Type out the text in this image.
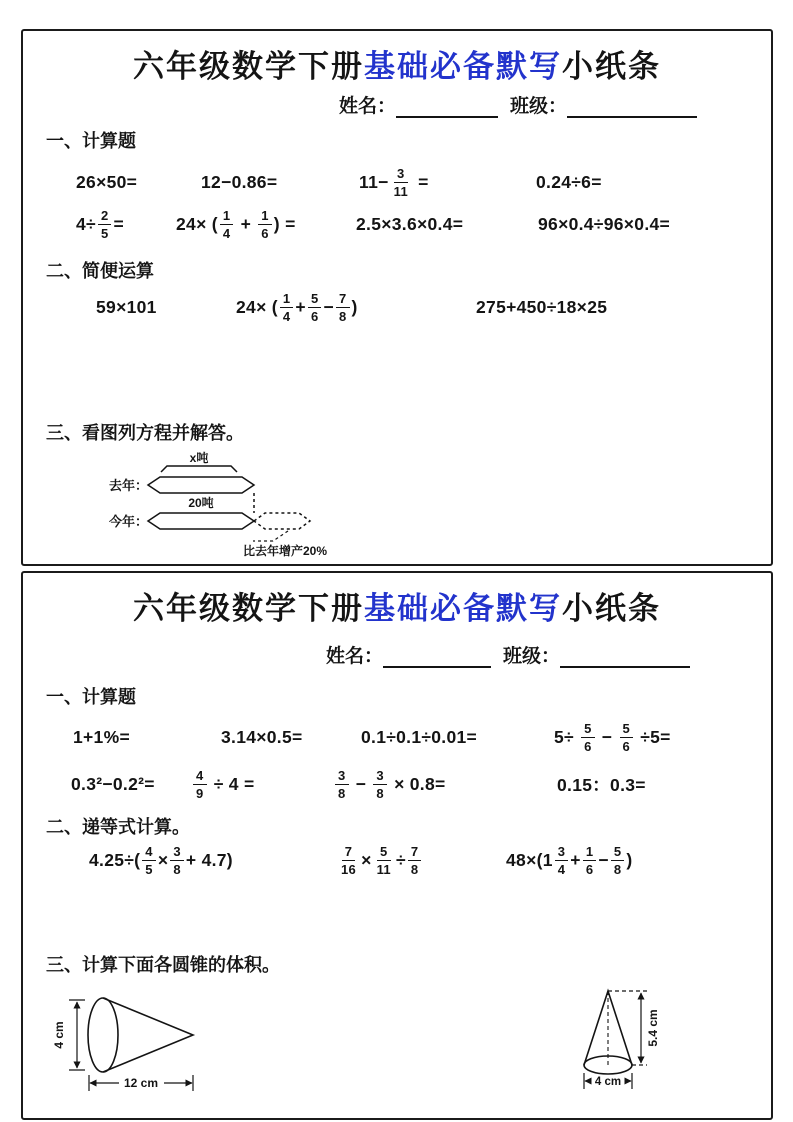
六年级数学下册基础必备默写小纸条
姓名：	班级：
一、计算题
26×50=	12−0.86=	$11- \frac{3}{11}$ =	0.24÷6=
$4\div \frac{2}{5}$ =	24× ( $\frac{1}{4} + \frac{1}{6}$ ) =	2.5×3.6×0.4=	96×0.4÷96×0.4=
二、简便运算
59×101	24× ( $\frac{1}{4} + \frac{5}{6} - \frac{7}{8}$ )	275+450÷18×25
三、看图列方程并解答。
x吨
去年：
20吨
今年：
比去年增产20%
六年级数学下册基础必备默写小纸条
姓名：	班级：
一、计算题
1+1%=	3.14×0.5=	0.1÷0.1÷0.01=	$5\div \frac{5}{6} - \frac{5}{6} \div 5=$
0.3²−0.2²=	$\frac{4}{9} \div 4$ =	$\frac{3}{8} - \frac{3}{8} \times 0.8=$	0.15：0.3=
二、递等式计算。
$4.25\div( \frac{4}{5} \times \frac{3}{8} + 4.7)$	$\frac{7}{16} \times \frac{5}{11} \div \frac{7}{8}$	$48\times(1 \frac{3}{4} + \frac{1}{6} - \frac{5}{8}$ )
三、计算下面各圆锥的体积。
4 cm
12 cm
5.4 cm
4 cm
